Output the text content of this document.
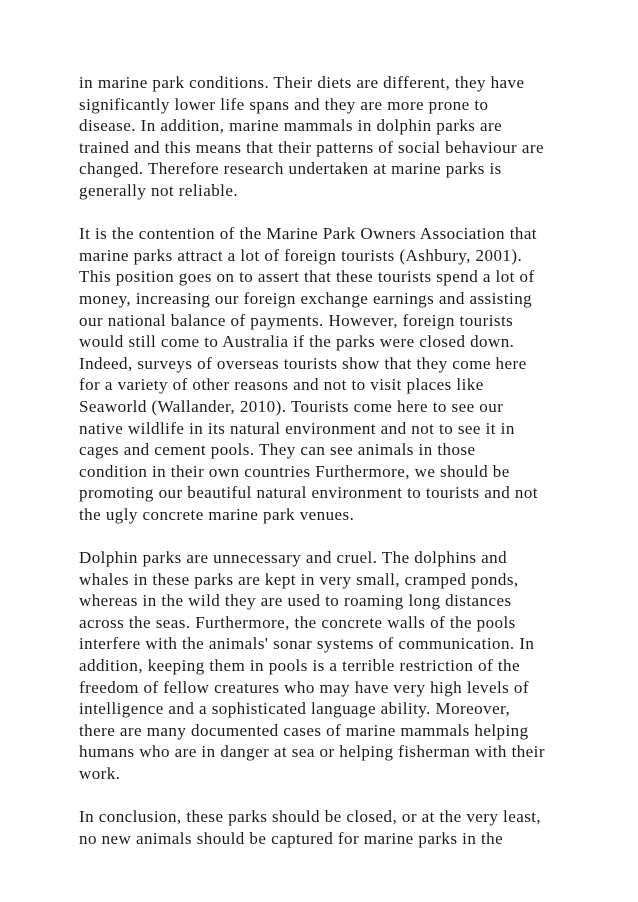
in marine park conditions. Their diets are different, they have
significantly lower life spans and they are more prone to
disease. In addition, marine mammals in dolphin parks are
trained and this means that their patterns of social behaviour are
changed. Therefore research undertaken at marine parks is
generally not reliable.

It is the contention of the Marine Park Owners Association that
marine parks attract a lot of foreign tourists (Ashbury, 2001).
This position goes on to assert that these tourists spend a lot of
money, increasing our foreign exchange earnings and assisting
our national balance of payments. However, foreign tourists
would still come to Australia if the parks were closed down.
Indeed, surveys of overseas tourists show that they come here
for a variety of other reasons and not to visit places like
Seaworld (Wallander, 2010). Tourists come here to see our
native wildlife in its natural environment and not to see it in
cages and cement pools. They can see animals in those
condition in their own countries Furthermore, we should be
promoting our beautiful natural environment to tourists and not
the ugly concrete marine park venues.

Dolphin parks are unnecessary and cruel. The dolphins and
whales in these parks are kept in very small, cramped ponds,
whereas in the wild they are used to roaming long distances
across the seas. Furthermore, the concrete walls of the pools
interfere with the animals' sonar systems of communication. In
addition, keeping them in pools is a terrible restriction of the
freedom of fellow creatures who may have very high levels of
intelligence and a sophisticated language ability. Moreover,
there are many documented cases of marine mammals helping
humans who are in danger at sea or helping fisherman with their
work.

In conclusion, these parks should be closed, or at the very least,
no new animals should be captured for marine parks in the
